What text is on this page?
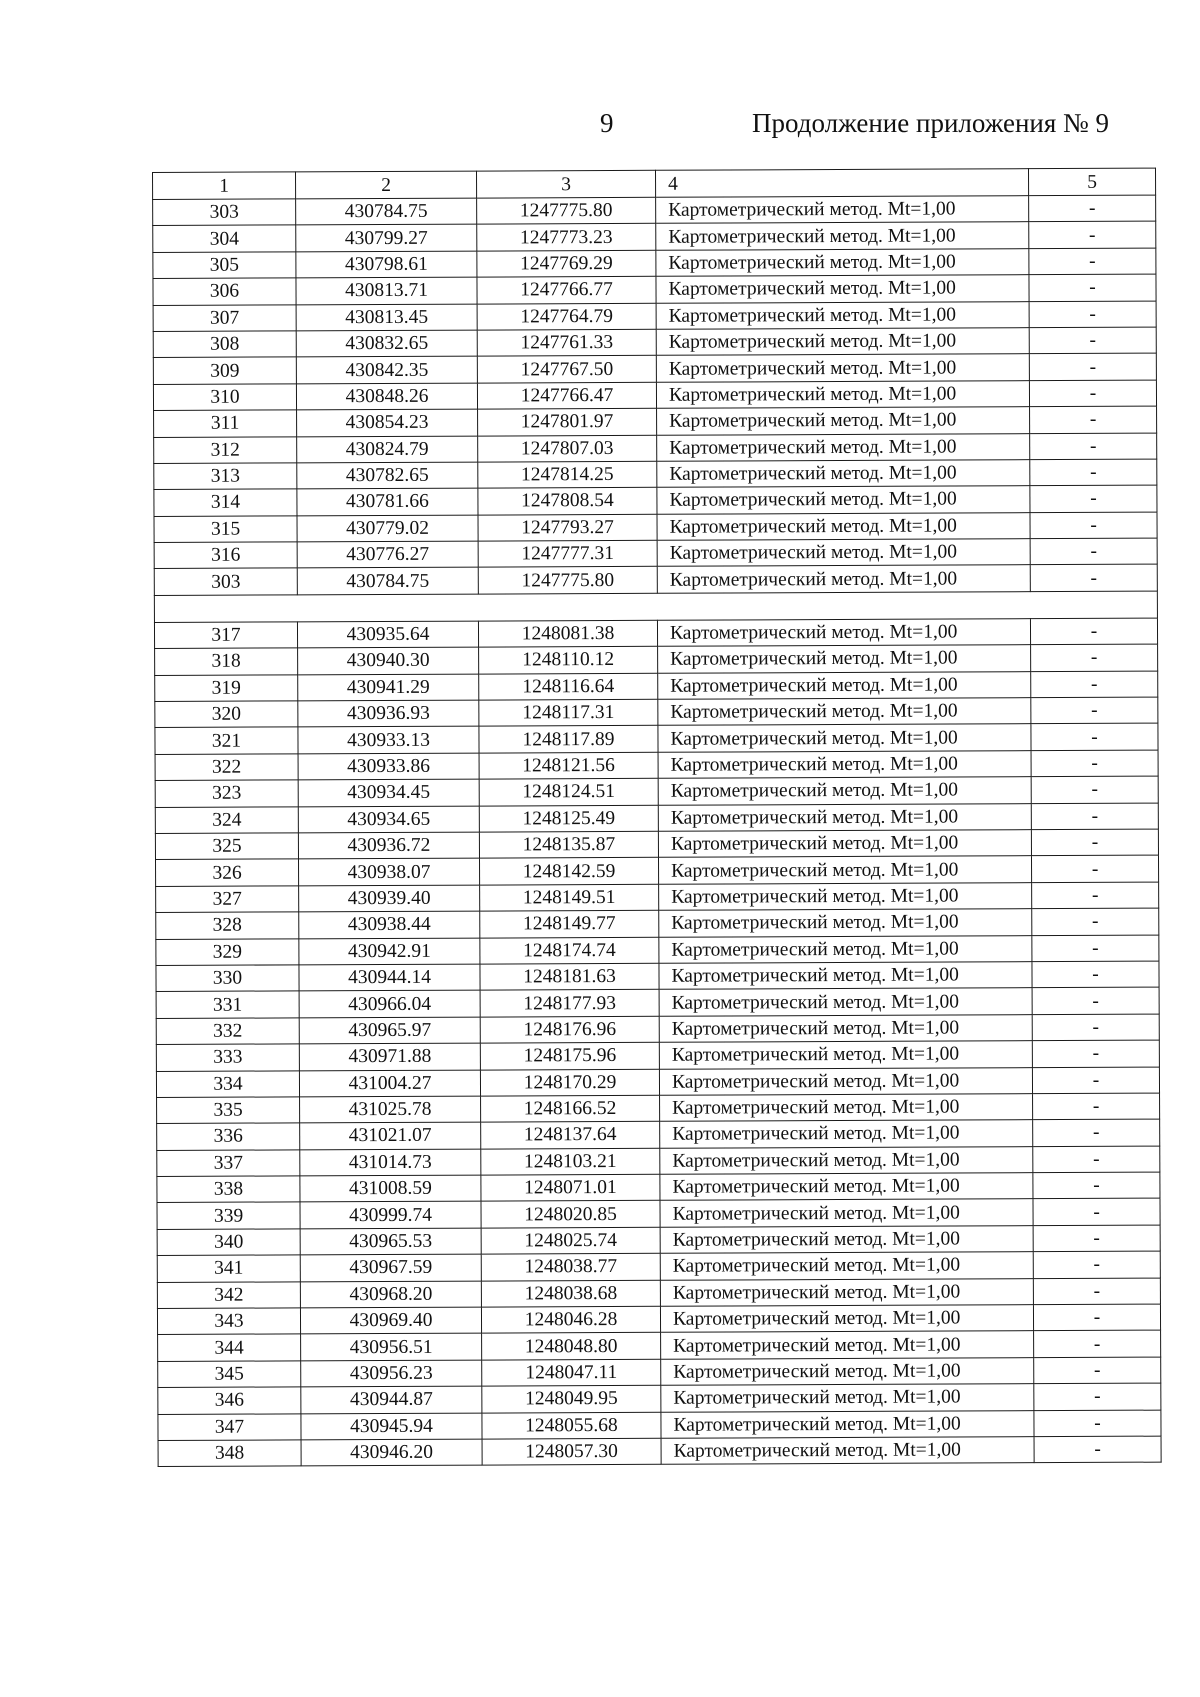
9	Продолжение приложения № 9
1	2	3	4	5
303	430784.75	1247775.80	Картометрический метод. Mt=1,00	-
304	430799.27	1247773.23	Картометрический метод. Mt=1,00	-
305	430798.61	1247769.29	Картометрический метод. Mt=1,00	-
306	430813.71	1247766.77	Картометрический метод. Mt=1,00	-
307	430813.45	1247764.79	Картометрический метод. Mt=1,00	-
308	430832.65	1247761.33	Картометрический метод. Mt=1,00	-
309	430842.35	1247767.50	Картометрический метод. Mt=1,00	-
310	430848.26	1247766.47	Картометрический метод. Mt=1,00	-
311	430854.23	1247801.97	Картометрический метод. Mt=1,00	-
312	430824.79	1247807.03	Картометрический метод. Mt=1,00	-
313	430782.65	1247814.25	Картометрический метод. Mt=1,00	-
314	430781.66	1247808.54	Картометрический метод. Mt=1,00	-
315	430779.02	1247793.27	Картометрический метод. Mt=1,00	-
316	430776.27	1247777.31	Картометрический метод. Mt=1,00	-
303	430784.75	1247775.80	Картометрический метод. Mt=1,00	-

317	430935.64	1248081.38	Картометрический метод. Mt=1,00	-
318	430940.30	1248110.12	Картометрический метод. Mt=1,00	-
319	430941.29	1248116.64	Картометрический метод. Mt=1,00	-
320	430936.93	1248117.31	Картометрический метод. Mt=1,00	-
321	430933.13	1248117.89	Картометрический метод. Mt=1,00	-
322	430933.86	1248121.56	Картометрический метод. Mt=1,00	-
323	430934.45	1248124.51	Картометрический метод. Mt=1,00	-
324	430934.65	1248125.49	Картометрический метод. Mt=1,00	-
325	430936.72	1248135.87	Картометрический метод. Mt=1,00	-
326	430938.07	1248142.59	Картометрический метод. Mt=1,00	-
327	430939.40	1248149.51	Картометрический метод. Mt=1,00	-
328	430938.44	1248149.77	Картометрический метод. Mt=1,00	-
329	430942.91	1248174.74	Картометрический метод. Mt=1,00	-
330	430944.14	1248181.63	Картометрический метод. Mt=1,00	-
331	430966.04	1248177.93	Картометрический метод. Mt=1,00	-
332	430965.97	1248176.96	Картометрический метод. Mt=1,00	-
333	430971.88	1248175.96	Картометрический метод. Mt=1,00	-
334	431004.27	1248170.29	Картометрический метод. Mt=1,00	-
335	431025.78	1248166.52	Картометрический метод. Mt=1,00	-
336	431021.07	1248137.64	Картометрический метод. Mt=1,00	-
337	431014.73	1248103.21	Картометрический метод. Mt=1,00	-
338	431008.59	1248071.01	Картометрический метод. Mt=1,00	-
339	430999.74	1248020.85	Картометрический метод. Mt=1,00	-
340	430965.53	1248025.74	Картометрический метод. Mt=1,00	-
341	430967.59	1248038.77	Картометрический метод. Mt=1,00	-
342	430968.20	1248038.68	Картометрический метод. Mt=1,00	-
343	430969.40	1248046.28	Картометрический метод. Mt=1,00	-
344	430956.51	1248048.80	Картометрический метод. Mt=1,00	-
345	430956.23	1248047.11	Картометрический метод. Mt=1,00	-
346	430944.87	1248049.95	Картометрический метод. Mt=1,00	-
347	430945.94	1248055.68	Картометрический метод. Mt=1,00	-
348	430946.20	1248057.30	Картометрический метод. Mt=1,00	-
